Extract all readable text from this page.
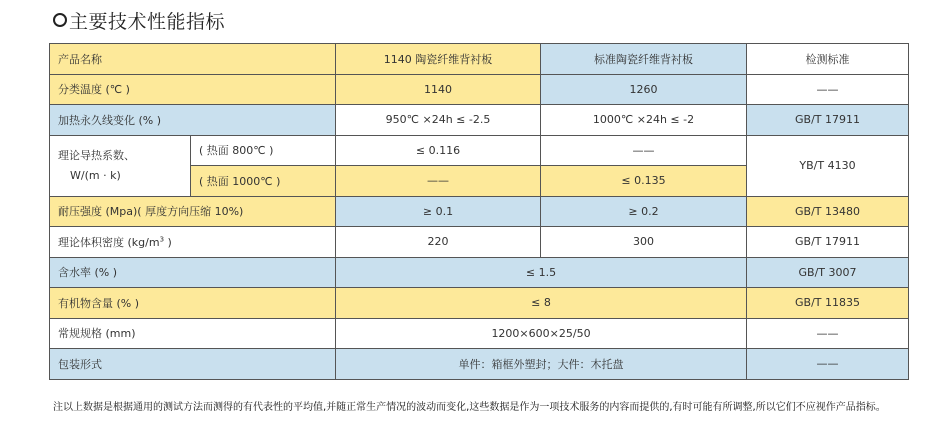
主要技术性能指标
产品名称		1140 陶瓷纤维背衬板	标准陶瓷纤维背衬板	检测标准
分类温度 (℃ )		1140	1260	——
加热永久线变化 (% )		950℃ ×24h ≤ -2.5	1000℃ ×24h ≤ -2	GB/T 17911

理论导热系数、
W/(m · k)	( 热面 800℃ )	≤ 0.116	——	YB/T 4130
	( 热面 1000℃ )	——	≤ 0.135	
耐压强度 (Mpa)( 厚度方向压缩 10%)		≥ 0.1	≥ 0.2	GB/T 13480
理论体积密度 ($kg/m^3$ )		220	300	GB/T 17911
含水率 (% )		≤ 1.5		GB/T 3007
有机物含量 (% )		≤ 8		GB/T 11835
常规规格 (mm)		1200×600×25/50		——
包装形式		单件：箱框外塑封；大件：木托盘		——
注以上数据是根据通用的测试方法而测得的有代表性的平均值,并随正常生产情况的波动而变化,这些数据是作为一项技术服务的内容而提供的,有时可能有所调整,所以它们不应视作产品指标。
